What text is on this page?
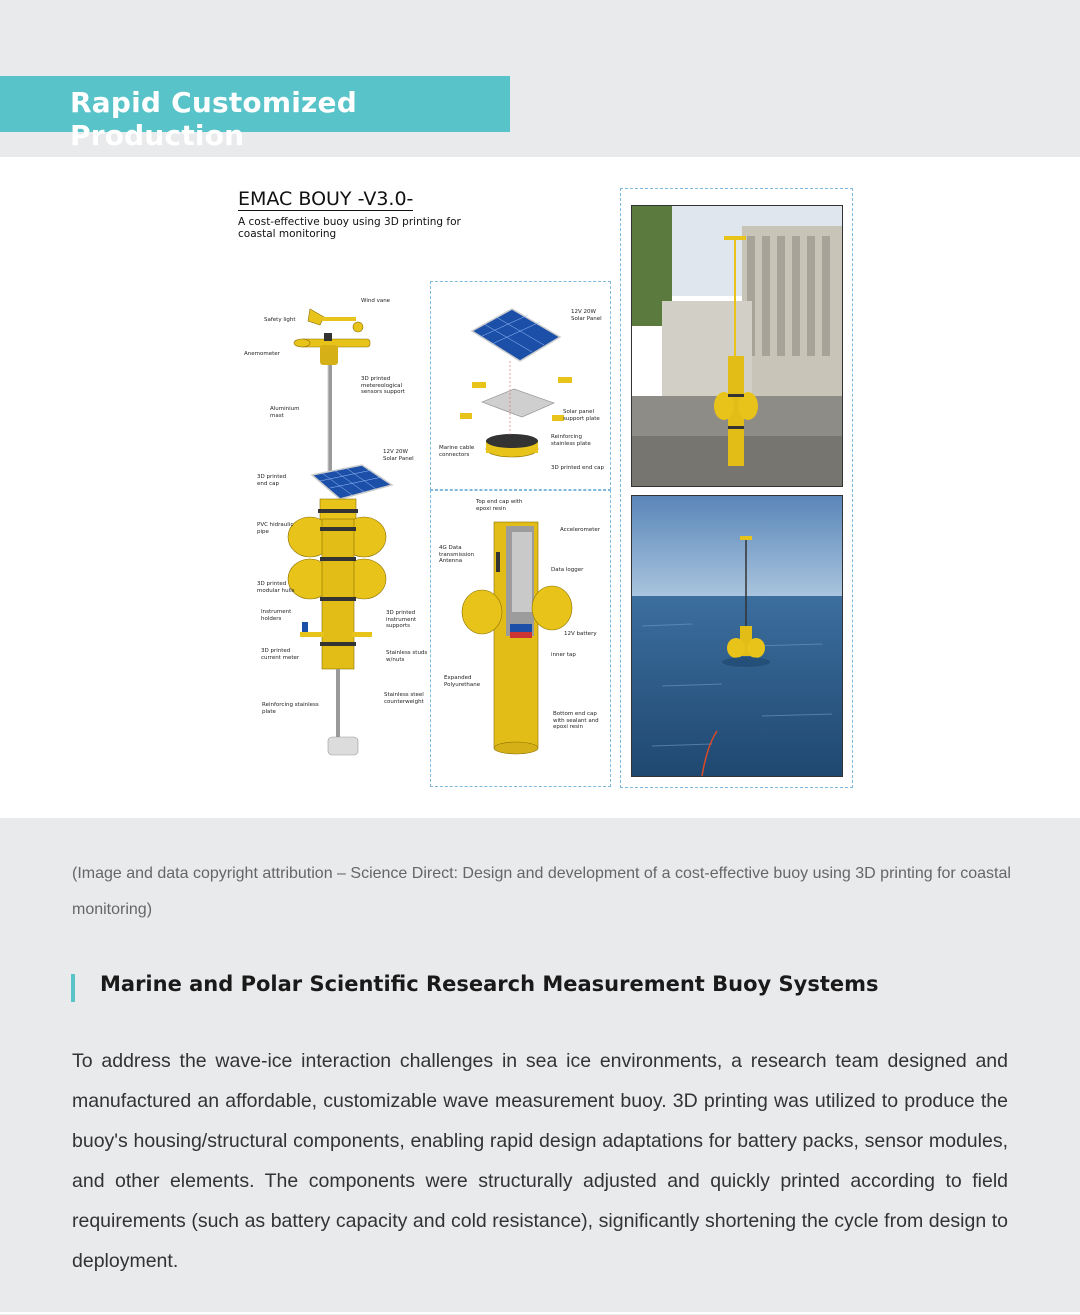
Rapid Customized Production
EMAC BOUY -V3.0-
A cost-effective buoy using 3D printing for coastal monitoring
Wind vane
Safety light
Anemometer
3D printed metereological sensors support
Aluminium mast
12V 20W Solar Panel
3D printed end cap
PVC hidraulic pipe
3D printed modular hulls
Instrument holders
3D printed instrument supports
3D printed current meter
Stainless studs w/nuts
Stainless steel counterweight
Reinforcing stainless plate
12V 20W Solar Panel
Solar panel support plate
Reinforcing stainless plate
Marine cable connectors
3D printed end cap
Top end cap with epoxi resin
Accelerometer
4G Data transmission Antenna
Data logger
12V battery
inner tap
Expanded Polyurethane
Bottom end cap with sealant and epoxi resin
(Image and data copyright attribution – Science Direct: Design and development of a cost-effective buoy using 3D printing for coastal monitoring)
Marine and Polar Scientific Research Measurement Buoy Systems
To address the wave-ice interaction challenges in sea ice environments, a research team designed and manufactured an affordable, customizable wave measurement buoy. 3D printing was utilized to produce the buoy's housing/structural components, enabling rapid design adaptations for battery packs, sensor modules, and other elements. The components were structurally adjusted and quickly printed according to field requirements (such as battery capacity and cold resistance), significantly shortening the cycle from design to deployment.
